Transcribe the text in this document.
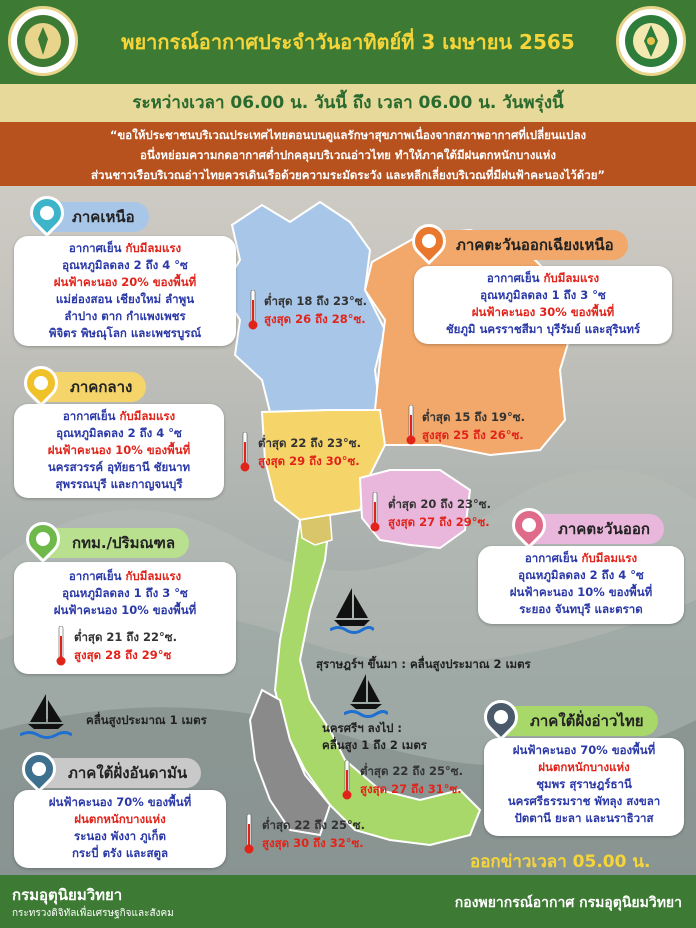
พยากรณ์อากาศประจำวันอาทิตย์ที่ 3 เมษายน 2565
ระหว่างเวลา 06.00 น. วันนี้ ถึง เวลา 06.00 น. วันพรุ่งนี้
“ขอให้ประชาชนบริเวณประเทศไทยตอนบนดูแลรักษาสุขภาพเนื่องจากสภาพอากาศที่เปลี่ยนแปลง
อนึ่งหย่อมความกดอากาศต่ำปกคลุมบริเวณอ่าวไทย ทำให้ภาคใต้มีฝนตกหนักบางแห่ง
ส่วนชาวเรือบริเวณอ่าวไทยควรเดินเรือด้วยความระมัดระวัง และหลีกเลี่ยงบริเวณที่มีฝนฟ้าคะนองไว้ด้วย”
ภาคเหนือ
อากาศเย็น กับมีลมแรง
อุณหภูมิลดลง 2 ถึง 4 °ซ
ฝนฟ้าคะนอง 20% ของพื้นที่
แม่ฮ่องสอน เชียงใหม่ ลำพูน
ลำปาง ตาก กำแพงเพชร
พิจิตร พิษณุโลก และเพชรบูรณ์
ต่ำสุด 18 ถึง 23°ซ.
สูงสุด 26 ถึง 28°ซ.
ภาคตะวันออกเฉียงเหนือ
อากาศเย็น กับมีลมแรง
อุณหภูมิลดลง 1 ถึง 3 °ซ
ฝนฟ้าคะนอง 30% ของพื้นที่
ชัยภูมิ นครราชสีมา บุรีรัมย์ และสุรินทร์
ต่ำสุด 15 ถึง 19°ซ.
สูงสุด 25 ถึง 26°ซ.
ภาคกลาง
อากาศเย็น กับมีลมแรง
อุณหภูมิลดลง 2 ถึง 4 °ซ
ฝนฟ้าคะนอง 10% ของพื้นที่
นครสวรรค์ อุทัยธานี ชัยนาท
สุพรรณบุรี และกาญจนบุรี
ต่ำสุด 22 ถึง 23°ซ.
สูงสุด 29 ถึง 30°ซ.
ต่ำสุด 20 ถึง 23°ซ.
สูงสุด 27 ถึง 29°ซ.	ภาคตะวันออก
อากาศเย็น กับมีลมแรง
อุณหภูมิลดลง 2 ถึง 4 °ซ
ฝนฟ้าคะนอง 10% ของพื้นที่
ระยอง จันทบุรี และตราด
กทม./ปริมณฑล
อากาศเย็น กับมีลมแรง
อุณหภูมิลดลง 1 ถึง 3 °ซ
ฝนฟ้าคะนอง 10% ของพื้นที่
ต่ำสุด 21 ถึง 22°ซ.
สูงสุด 28 ถึง 29°ซ
สุราษฎร์ฯ ขึ้นมา : คลื่นสูงประมาณ 2 เมตร
นครศรีฯ ลงไป :
คลื่นสูง 1 ถึง 2 เมตร
คลื่นสูงประมาณ 1 เมตร	ภาคใต้ฝั่งอ่าวไทย
ฝนฟ้าคะนอง 70% ของพื้นที่
ฝนตกหนักบางแห่ง
ชุมพร สุราษฎร์ธานี
นครศรีธรรมราช พัทลุง สงขลา
ปัตตานี ยะลา และนราธิวาส
ต่ำสุด 22 ถึง 25°ซ.
สูงสุด 27 ถึง 31°ซ.
ภาคใต้ฝั่งอันดามัน
ฝนฟ้าคะนอง 70% ของพื้นที่
ฝนตกหนักบางแห่ง
ระนอง พังงา ภูเก็ต
กระบี่ ตรัง และสตูล
ต่ำสุด 22 ถึง 25°ซ.
สูงสุด 30 ถึง 32°ซ.
ออกข่าวเวลา 05.00 น.
กรมอุตุนิยมวิทยา
กระทรวงดิจิทัลเพื่อเศรษฐกิจและสังคม
กองพยากรณ์อากาศ กรมอุตุนิยมวิทยา
